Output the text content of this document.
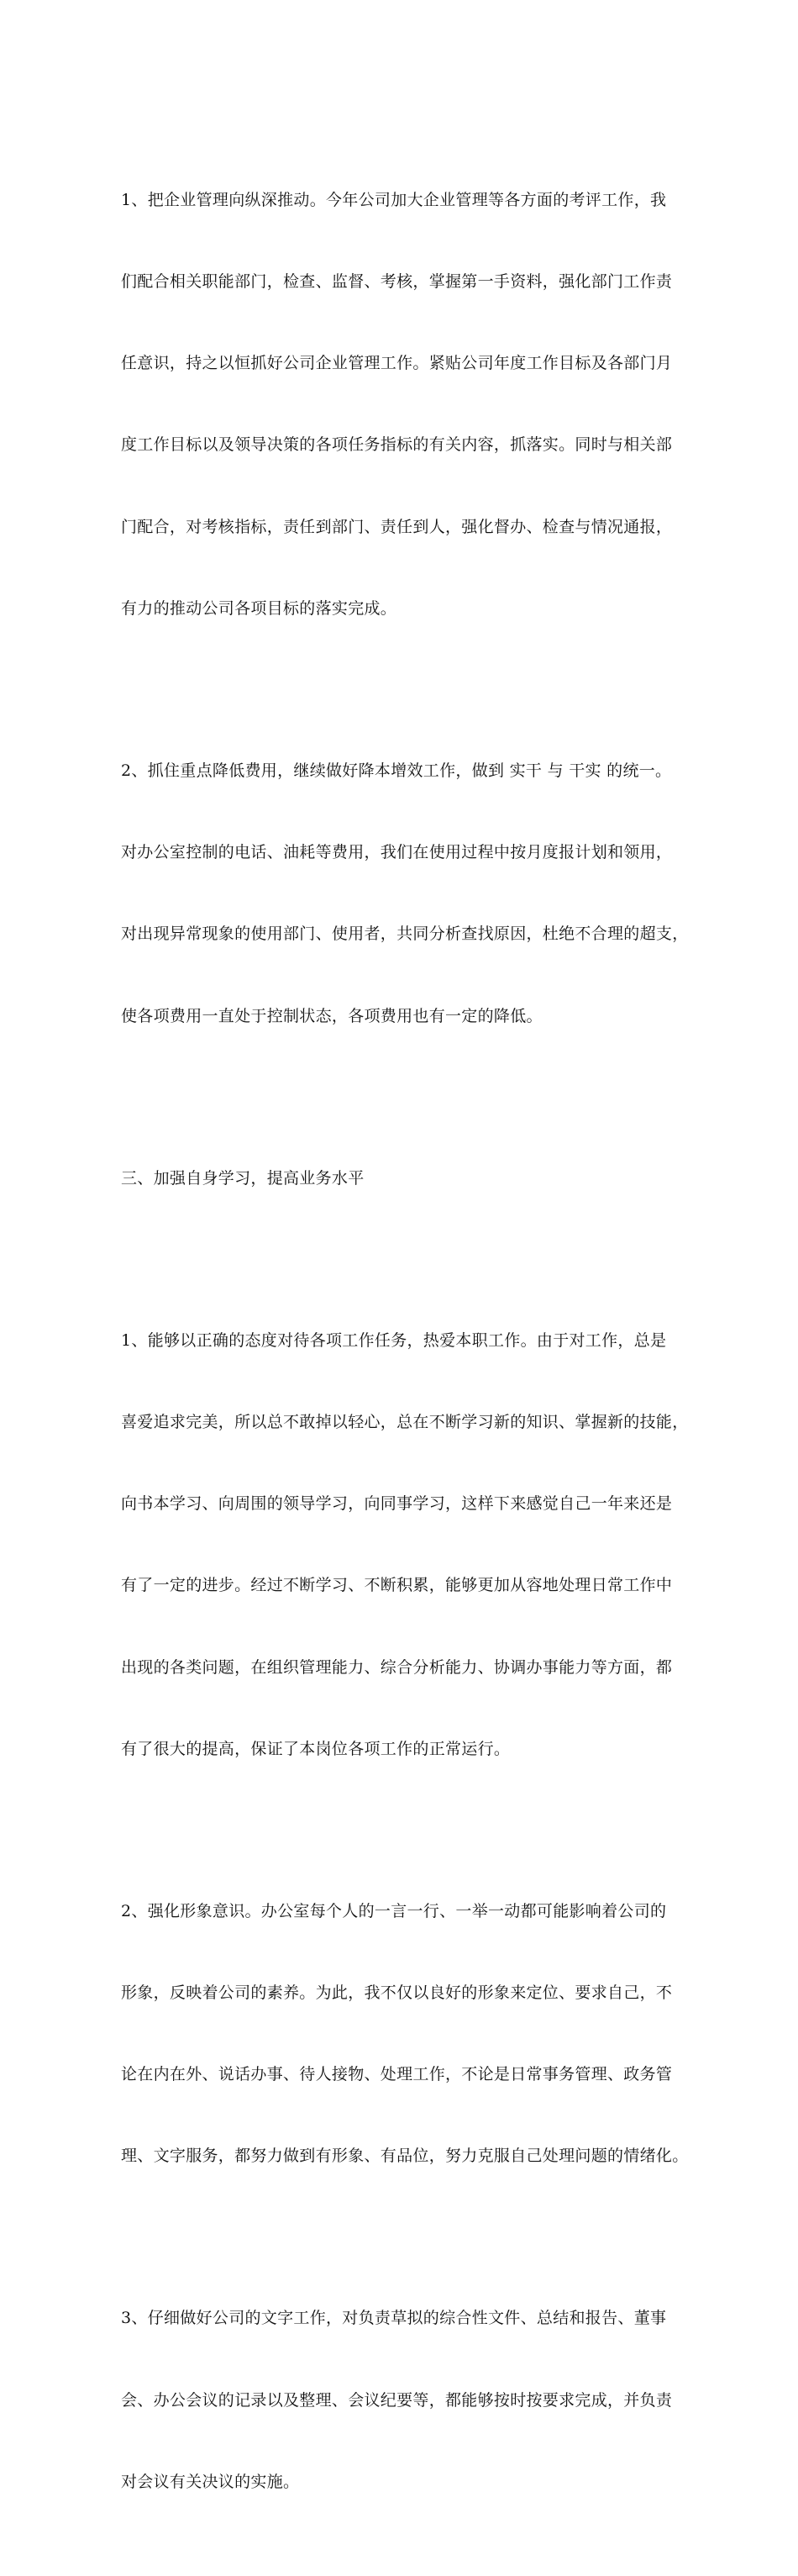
1、把企业管理向纵深推动。今年公司加大企业管理等各方面的考评工作，我

们配合相关职能部门，检查、监督、考核，掌握第一手资料，强化部门工作责

任意识，持之以恒抓好公司企业管理工作。紧贴公司年度工作目标及各部门月

度工作目标以及领导决策的各项任务指标的有关内容，抓落实。同时与相关部

门配合，对考核指标，责任到部门、责任到人，强化督办、检查与情况通报，

有力的推动公司各项目标的落实完成。

2、抓住重点降低费用，继续做好降本增效工作，做到 实干 与 干实 的统一。

对办公室控制的电话、油耗等费用，我们在使用过程中按月度报计划和领用，

对出现异常现象的使用部门、使用者，共同分析查找原因，杜绝不合理的超支，

使各项费用一直处于控制状态，各项费用也有一定的降低。

三、加强自身学习，提高业务水平

1、能够以正确的态度对待各项工作任务，热爱本职工作。由于对工作，总是

喜爱追求完美，所以总不敢掉以轻心，总在不断学习新的知识、掌握新的技能，

向书本学习、向周围的领导学习，向同事学习，这样下来感觉自己一年来还是

有了一定的进步。经过不断学习、不断积累，能够更加从容地处理日常工作中

出现的各类问题，在组织管理能力、综合分析能力、协调办事能力等方面，都

有了很大的提高，保证了本岗位各项工作的正常运行。

2、强化形象意识。办公室每个人的一言一行、一举一动都可能影响着公司的

形象，反映着公司的素养。为此，我不仅以良好的形象来定位、要求自己，不

论在内在外、说话办事、待人接物、处理工作，不论是日常事务管理、政务管

理、文字服务，都努力做到有形象、有品位，努力克服自己处理问题的情绪化。

3、仔细做好公司的文字工作，对负责草拟的综合性文件、总结和报告、董事

会、办公会议的记录以及整理、会议纪要等，都能够按时按要求完成，并负责

对会议有关决议的实施。
